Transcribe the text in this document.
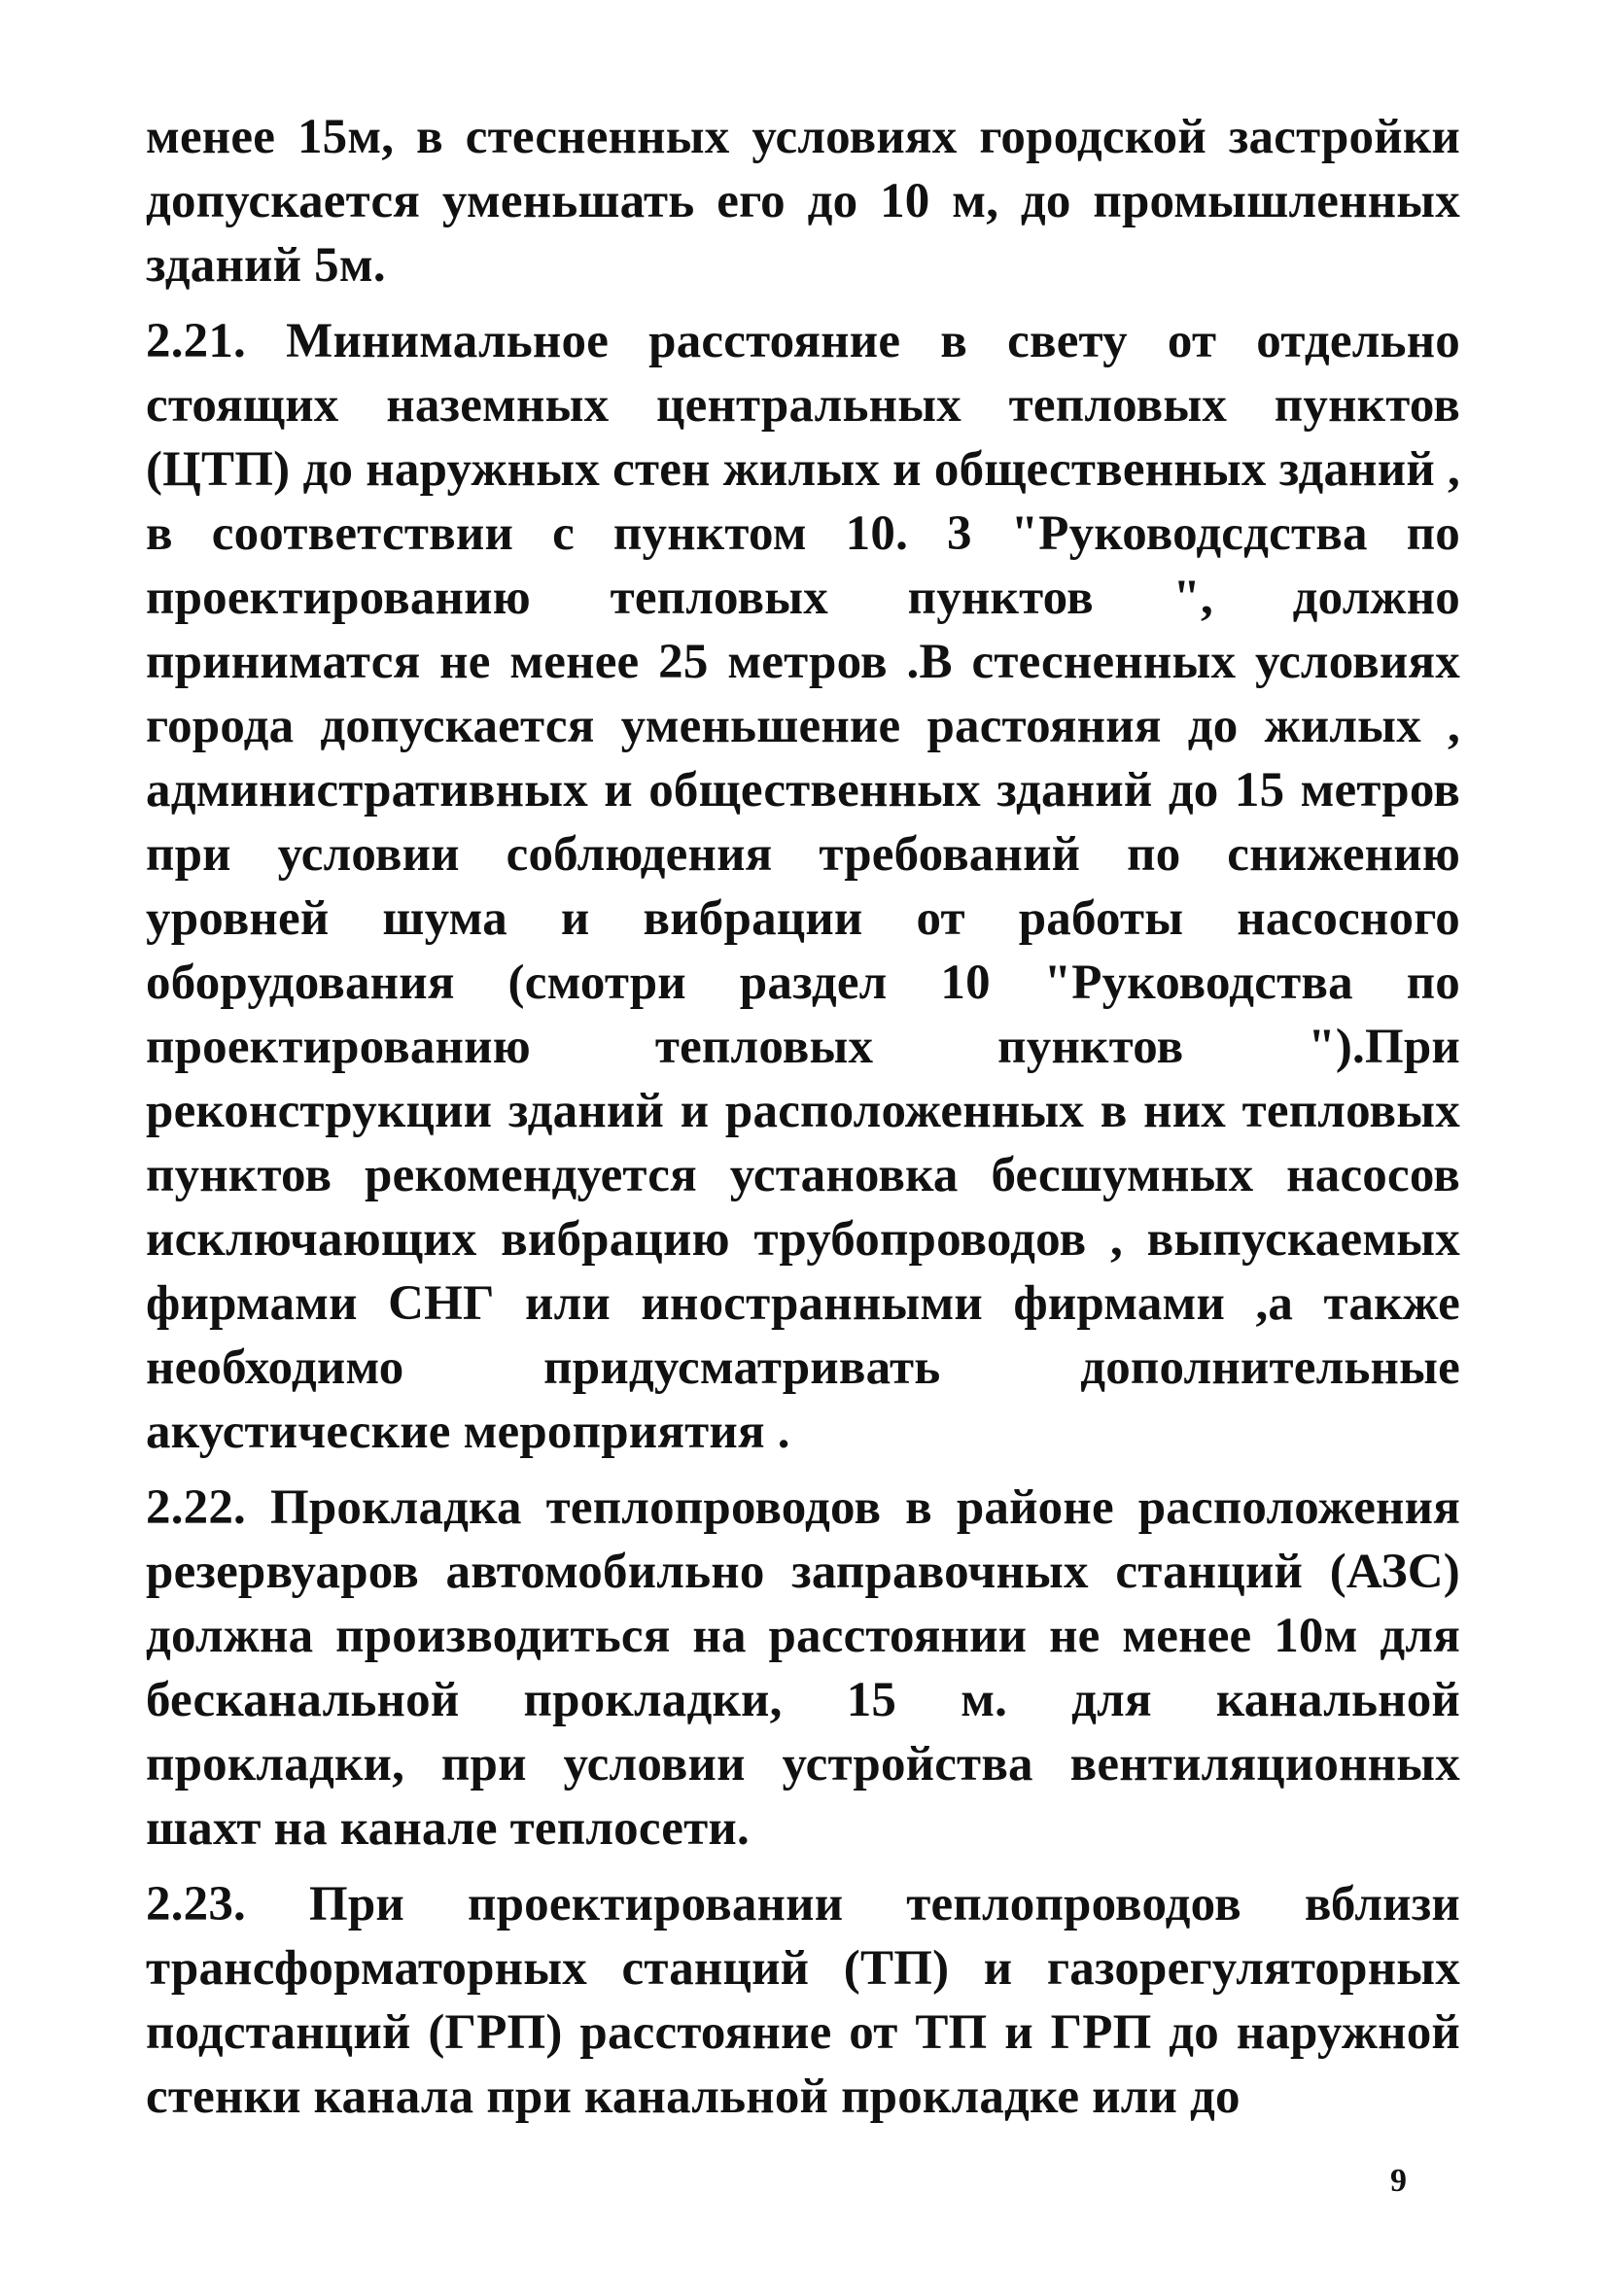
менее 15м, в стесненных условиях городской застройки допускается уменьшать его до 10 м, до промышленных зданий 5м.

2.21. Минимальное расстояние в свету от отдельно стоящих наземных центральных тепловых пунктов (ЦТП) до наружных стен жилых и общественных зданий , в соответствии с пунктом 10. 3 "Руководсдства по проектированию тепловых пунктов ", должно приниматся не менее 25 метров .В стесненных условиях города допускается уменьшение растояния до жилых , административных и общественных зданий до 15 метров при условии соблюдения требований по снижению уровней шума и вибрации от работы насосного оборудования (смотри раздел 10 "Руководства по проектированию тепловых пунктов ").При реконструкции зданий и расположенных в них тепловых пунктов рекомендуется установка бесшумных насосов исключающих вибрацию трубопроводов , выпускаемых фирмами СНГ или иностранными фирмами ,а также необходимо придусматривать дополнительные акустические мероприятия .

2.22. Прокладка теплопроводов в районе расположения резервуаров автомобильно заправочных станций (АЗС) должна производиться на расстоянии не менее 10м для бесканальной прокладки, 15 м. для канальной прокладки, при условии устройства вентиляционных шахт на канале теплосети.

2.23. При проектировании теплопроводов вблизи трансформаторных станций (ТП) и газорегуляторных подстанций (ГРП) расстояние от ТП и ГРП до наружной стенки канала при канальной прокладке или до

9
